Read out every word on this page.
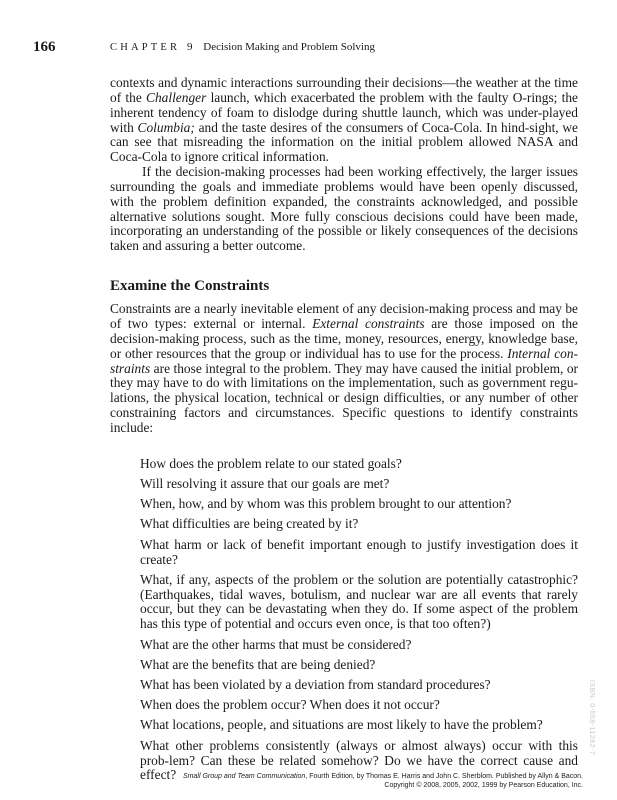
166	CHAPTER 9 Decision Making and Problem Solving

contexts and dynamic interactions surrounding their decisions—the weather at the time of the Challenger launch, which exacerbated the problem with the faulty O-rings; the inherent tendency of foam to dislodge during shuttle launch, which was under-played with Columbia; and the taste desires of the consumers of Coca-Cola. In hind-sight, we can see that misreading the information on the initial problem allowed NASA and Coca-Cola to ignore critical information.

If the decision-making processes had been working effectively, the larger issues surrounding the goals and immediate problems would have been openly discussed, with the problem definition expanded, the constraints acknowledged, and possible alternative solutions sought. More fully conscious decisions could have been made, incorporating an understanding of the possible or likely consequences of the decisions taken and assuring a better outcome.

Examine the Constraints

Constraints are a nearly inevitable element of any decision-making process and may be of two types: external or internal. External constraints are those imposed on the decision-making process, such as the time, money, resources, energy, knowledge base, or other resources that the group or individual has to use for the process. Internal con-straints are those integral to the problem. They may have caused the initial problem, or they may have to do with limitations on the implementation, such as government regu-lations, the physical location, technical or design difficulties, or any number of other constraining factors and circumstances. Specific questions to identify constraints include:

How does the problem relate to our stated goals?
Will resolving it assure that our goals are met?
When, how, and by whom was this problem brought to our attention?
What difficulties are being created by it?
What harm or lack of benefit important enough to justify investigation does it create?
What, if any, aspects of the problem or the solution are potentially catastrophic? (Earthquakes, tidal waves, botulism, and nuclear war are all events that rarely occur, but they can be devastating when they do. If some aspect of the problem has this type of potential and occurs even once, is that too often?)
What are the other harms that must be considered?
What are the benefits that are being denied?
What has been violated by a deviation from standard procedures?
When does the problem occur? When does it not occur?
What locations, people, and situations are most likely to have the problem?
What other problems consistently (always or almost always) occur with this prob-lem? Can these be related somehow? Do we have the correct cause and effect?
ISBN: 0-558-11282-7
Small Group and Team Communication, Fourth Edition, by Thomas E. Harris and John C. Sherblom. Published by Allyn & Bacon.
Copyright © 2008, 2005, 2002, 1999 by Pearson Education, Inc.
